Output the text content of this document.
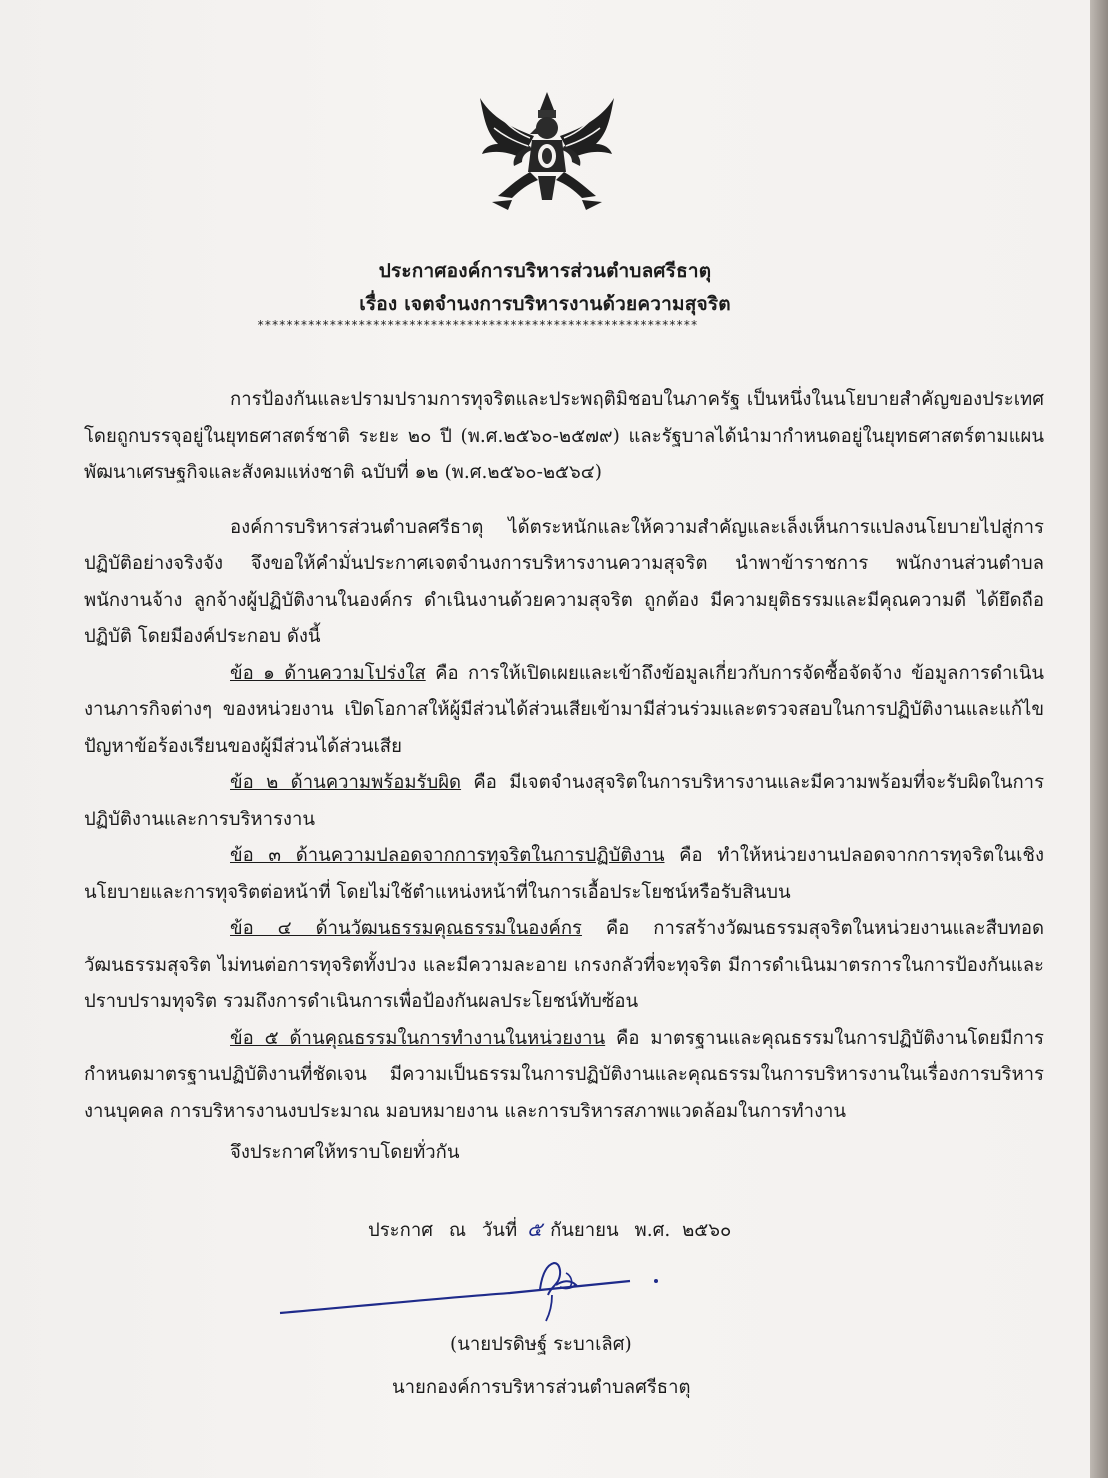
ประกาศองค์การบริหารส่วนตำบลศรีธาตุ
เรื่อง เจตจำนงการบริหารงานด้วยความสุจริต
*************************************************************

การป้องกันและปรามปรามการทุจริตและประพฤติมิชอบในภาครัฐ เป็นหนึ่งในนโยบายสำคัญของประเทศ โดยถูกบรรจุอยู่ในยุทธศาสตร์ชาติ ระยะ ๒๐ ปี (พ.ศ.๒๕๖๐-๒๕๗๙) และรัฐบาลได้นำมากำหนดอยู่ในยุทธศาสตร์ตามแผนพัฒนาเศรษฐกิจและสังคมแห่งชาติ ฉบับที่ ๑๒ (พ.ศ.๒๕๖๐-๒๕๖๔)

องค์การบริหารส่วนตำบลศรีธาตุ ได้ตระหนักและให้ความสำคัญและเล็งเห็นการแปลงนโยบายไปสู่การปฏิบัติอย่างจริงจัง จึงขอให้คำมั่นประกาศเจตจำนงการบริหารงานความสุจริต นำพาข้าราชการ พนักงานส่วนตำบล พนักงานจ้าง ลูกจ้างผู้ปฏิบัติงานในองค์กร ดำเนินงานด้วยความสุจริต ถูกต้อง มีความยุติธรรมและมีคุณความดี ได้ยึดถือปฏิบัติ โดยมีองค์ประกอบ ดังนี้

ข้อ ๑ ด้านความโปร่งใส คือ การให้เปิดเผยและเข้าถึงข้อมูลเกี่ยวกับการจัดซื้อจัดจ้าง ข้อมูลการดำเนินงานภารกิจต่างๆ ของหน่วยงาน เปิดโอกาสให้ผู้มีส่วนได้ส่วนเสียเข้ามามีส่วนร่วมและตรวจสอบในการปฏิบัติงานและแก้ไขปัญหาข้อร้องเรียนของผู้มีส่วนได้ส่วนเสีย

ข้อ ๒ ด้านความพร้อมรับผิด คือ มีเจตจำนงสุจริตในการบริหารงานและมีความพร้อมที่จะรับผิดในการปฏิบัติงานและการบริหารงาน

ข้อ ๓ ด้านความปลอดจากการทุจริตในการปฏิบัติงาน คือ ทำให้หน่วยงานปลอดจากการทุจริตในเชิงนโยบายและการทุจริตต่อหน้าที่ โดยไม่ใช้ตำแหน่งหน้าที่ในการเอื้อประโยชน์หรือรับสินบน

ข้อ ๔ ด้านวัฒนธรรมคุณธรรมในองค์กร คือ การสร้างวัฒนธรรมสุจริตในหน่วยงานและสืบทอดวัฒนธรรมสุจริต ไม่ทนต่อการทุจริตทั้งปวง และมีความละอาย เกรงกลัวที่จะทุจริต มีการดำเนินมาตรการในการป้องกันและปราบปรามทุจริต รวมถึงการดำเนินการเพื่อป้องกันผลประโยชน์ทับซ้อน

ข้อ ๕ ด้านคุณธรรมในการทำงานในหน่วยงาน คือ มาตรฐานและคุณธรรมในการปฏิบัติงานโดยมีการกำหนดมาตรฐานปฏิบัติงานที่ชัดเจน มีความเป็นธรรมในการปฏิบัติงานและคุณธรรมในการบริหารงานในเรื่องการบริหารงานบุคคล การบริหารงานงบประมาณ มอบหมายงาน และการบริหารสภาพแวดล้อมในการทำงาน

จึงประกาศให้ทราบโดยทั่วกัน
ประกาศ ณ วันที่ ๕ กันยายน พ.ศ. ๒๕๖๐
(นายปรดิษฐ์ ระบาเลิศ)
นายกองค์การบริหารส่วนตำบลศรีธาตุ
